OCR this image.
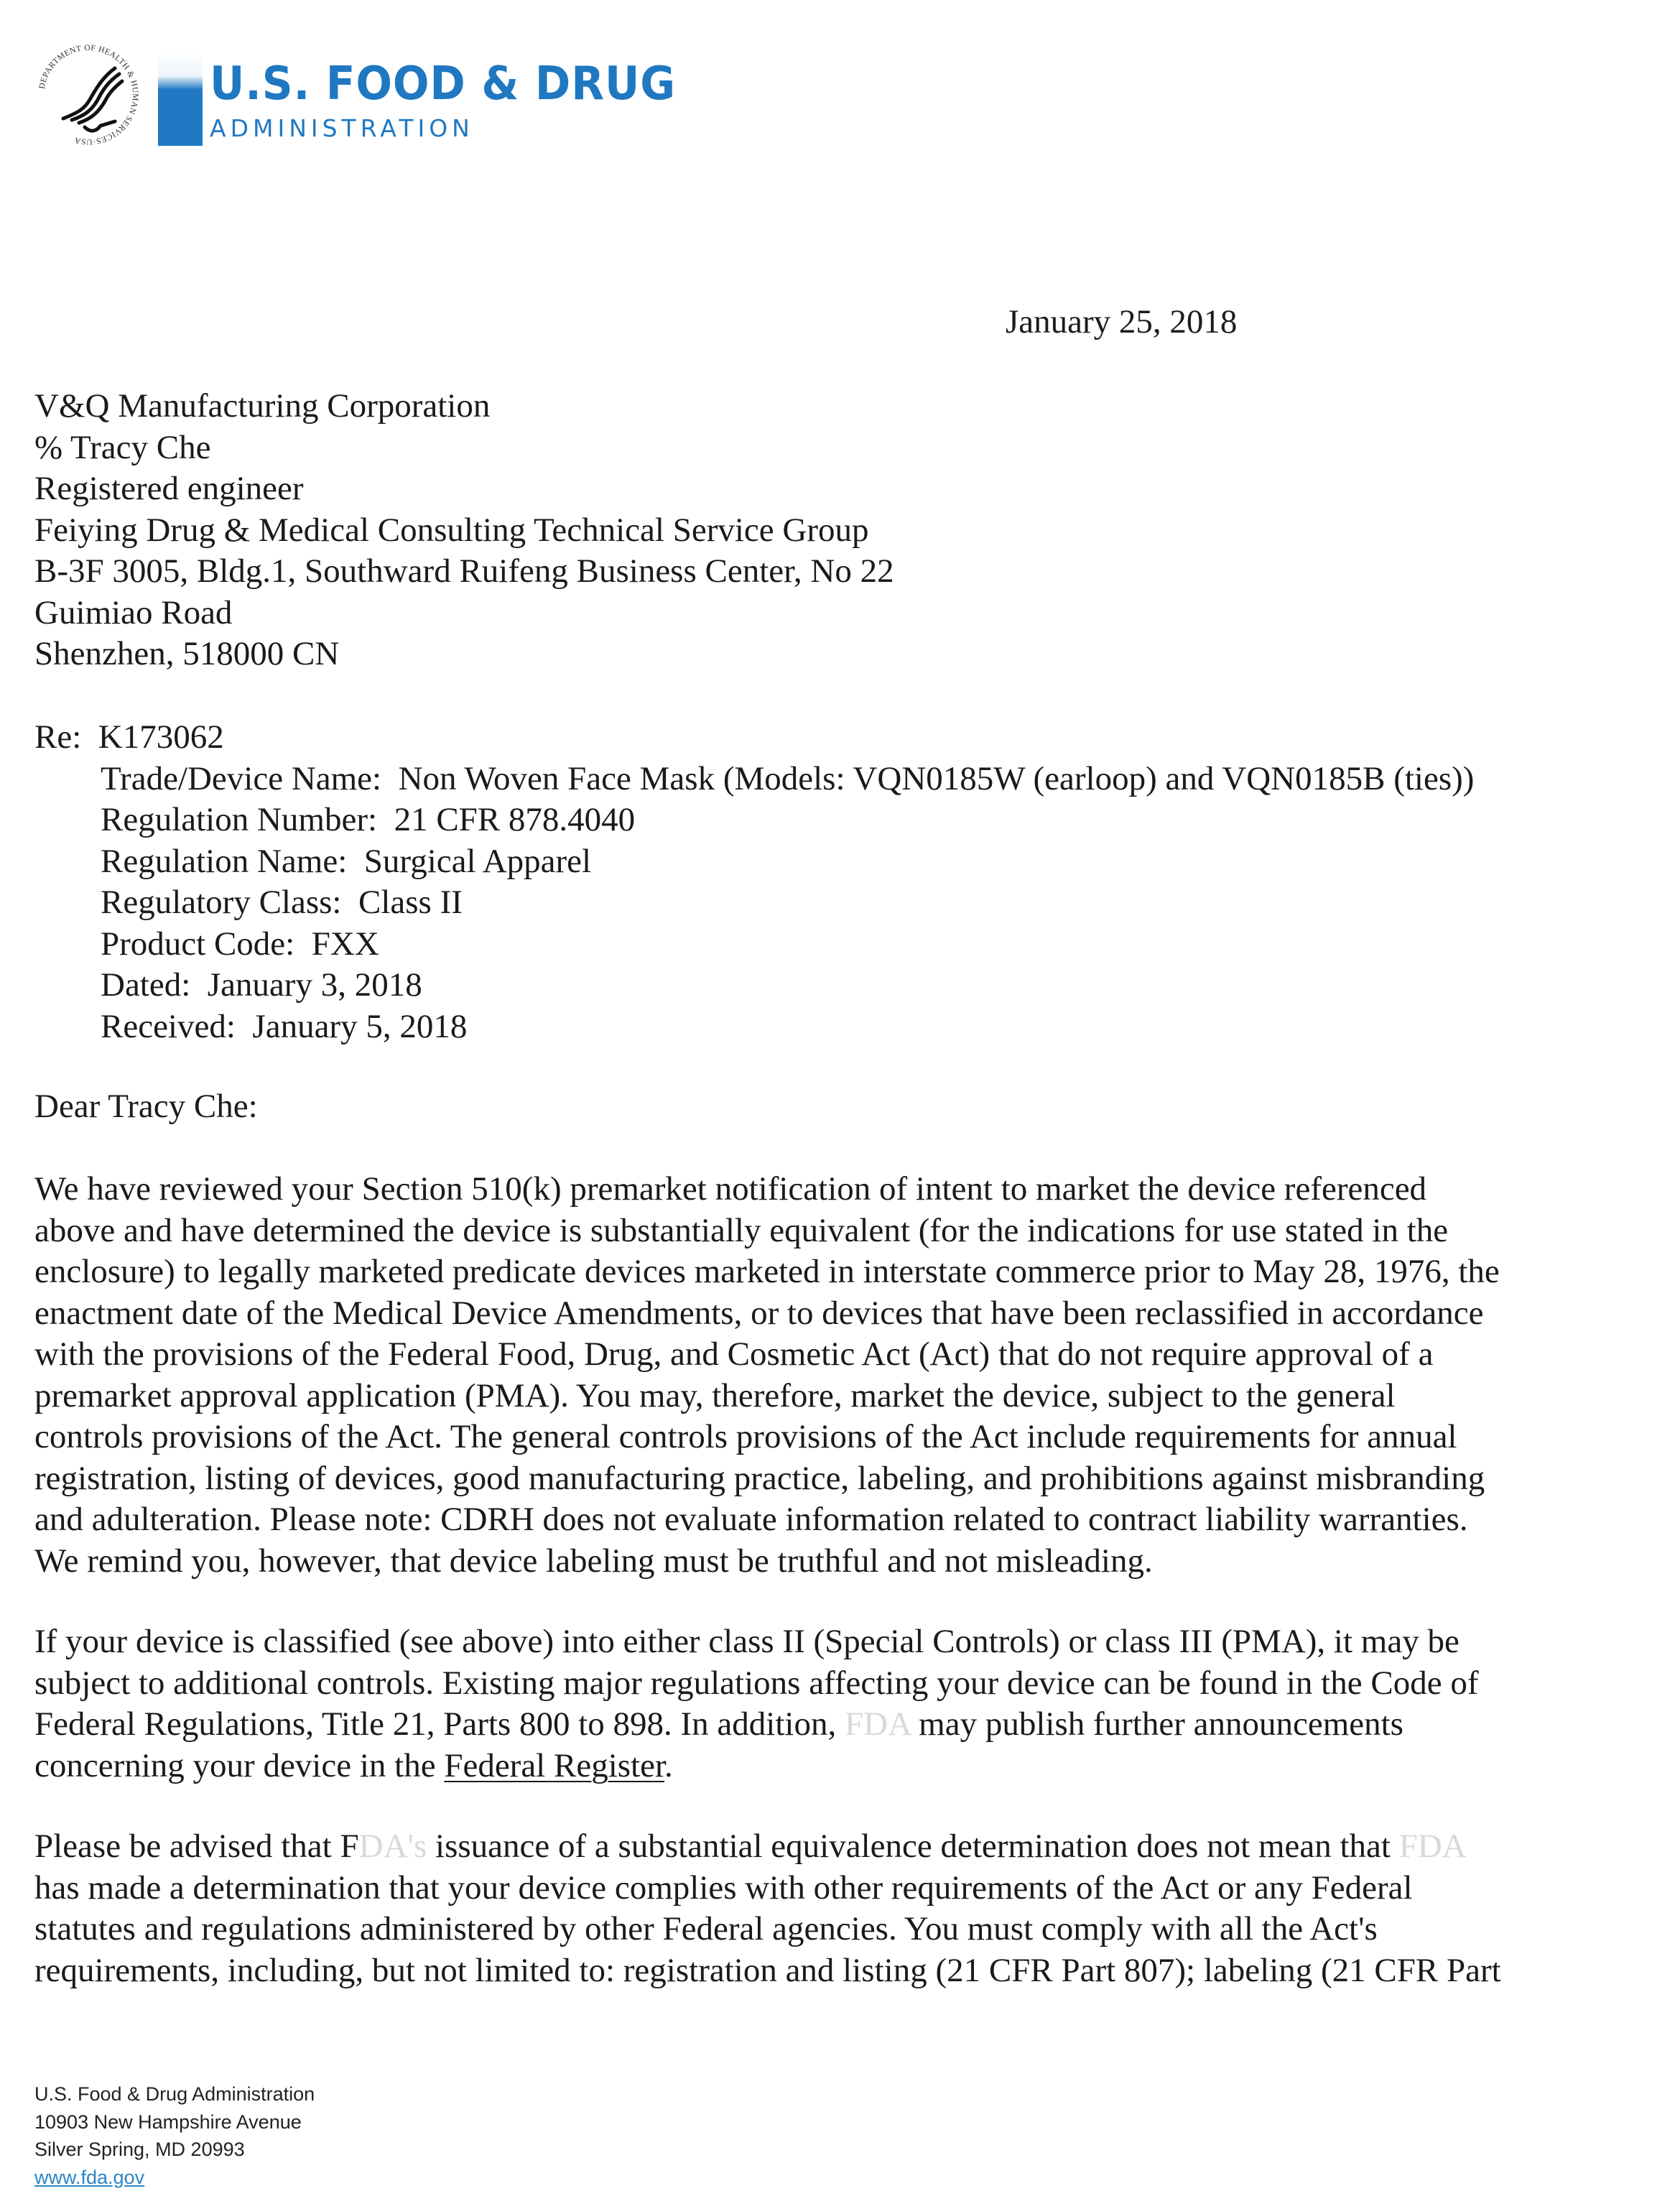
DEPARTMENT OF HEALTH & HUMAN SERVICES·USA
U.S. FOOD & DRUG
ADMINISTRATION
January 25, 2018
V&Q Manufacturing Corporation
% Tracy Che
Registered engineer
Feiying Drug & Medical Consulting Technical Service Group
B-3F 3005, Bldg.1, Southward Ruifeng Business Center, No 22
Guimiao Road
Shenzhen, 518000 CN
Re: K173062
Trade/Device Name: Non Woven Face Mask (Models: VQN0185W (earloop) and VQN0185B (ties))
Regulation Number: 21 CFR 878.4040
Regulation Name: Surgical Apparel
Regulatory Class: Class II
Product Code: FXX
Dated: January 3, 2018
Received: January 5, 2018
Dear Tracy Che:
We have reviewed your Section 510(k) premarket notification of intent to market the device referenced
above and have determined the device is substantially equivalent (for the indications for use stated in the
enclosure) to legally marketed predicate devices marketed in interstate commerce prior to May 28, 1976, the
enactment date of the Medical Device Amendments, or to devices that have been reclassified in accordance
with the provisions of the Federal Food, Drug, and Cosmetic Act (Act) that do not require approval of a
premarket approval application (PMA). You may, therefore, market the device, subject to the general
controls provisions of the Act. The general controls provisions of the Act include requirements for annual
registration, listing of devices, good manufacturing practice, labeling, and prohibitions against misbranding
and adulteration. Please note: CDRH does not evaluate information related to contract liability warranties.
We remind you, however, that device labeling must be truthful and not misleading.
If your device is classified (see above) into either class II (Special Controls) or class III (PMA), it may be
subject to additional controls. Existing major regulations affecting your device can be found in the Code of
Federal Regulations, Title 21, Parts 800 to 898. In addition, FDA may publish further announcements
concerning your device in the Federal Register.
Please be advised that FDA's issuance of a substantial equivalence determination does not mean that FDA
has made a determination that your device complies with other requirements of the Act or any Federal
statutes and regulations administered by other Federal agencies. You must comply with all the Act's
requirements, including, but not limited to: registration and listing (21 CFR Part 807); labeling (21 CFR Part
U.S. Food & Drug Administration
10903 New Hampshire Avenue
Silver Spring, MD 20993
www.fda.gov
